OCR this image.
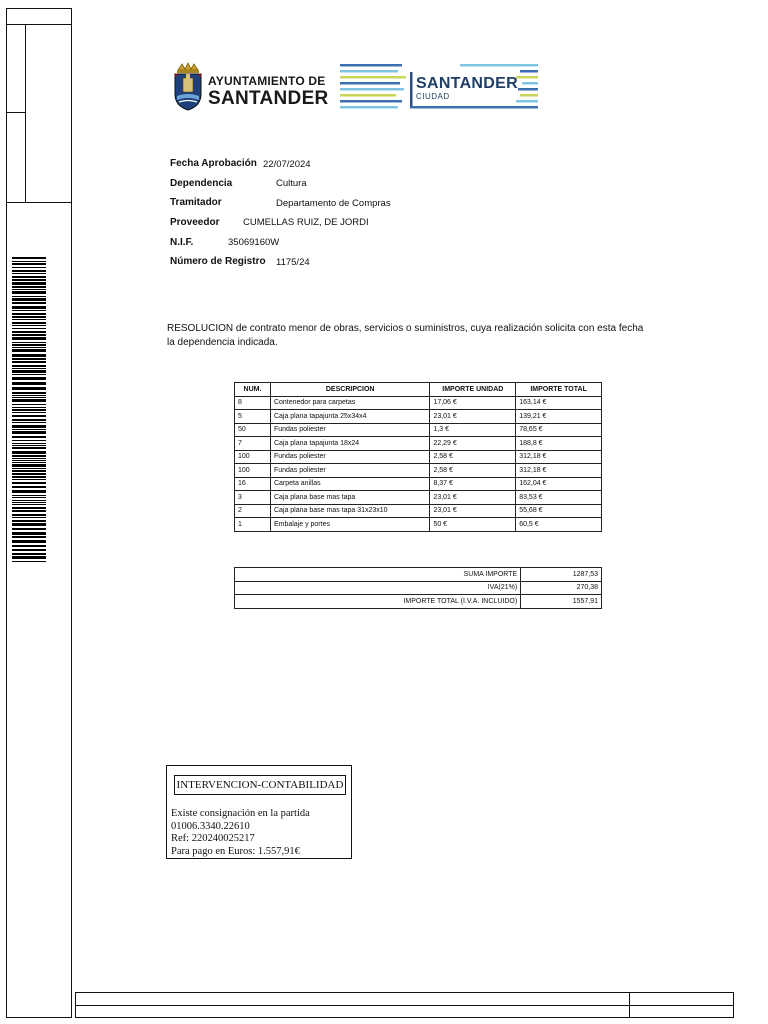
AYUNTAMIENTO DE
SANTANDER
SANTANDER
CIUDAD
Fecha Aprobación 22/07/2024
Dependencia	Cultura
Tramitador	Departamento de Compras
Proveedor CUMELLAS RUIZ, DE JORDI
N.I.F.	35069160W
Número de Registro 1175/24
RESOLUCION de contrato menor de obras, servicios o suministros, cuya realización solicita con esta fecha la dependencia indicada.
NUM.	DESCRIPCION	IMPORTE UNIDAD	IMPORTE TOTAL
8	Contenedor para carpetas	17,06 €	163,14 €
5	Caja plana tapajunta 25x34x4	23,01 €	139,21 €
50	Fundas poliester	1,3 €	78,65 €
7	Caja plana tapajunta 18x24	22,29 €	188,8 €
100	Fundas poliester	2,58 €	312,18 €
100	Fundas poliester	2,58 €	312,18 €
16	Carpeta anillas	8,37 €	162,04 €
3	Caja plana base mas tapa	23,01 €	83,53 €
2	Caja plana base mas tapa 31x23x10	23,01 €	55,68 €
1	Embalaje y portes	50 €	60,5 €
SUMA IMPORTE	1287,53
IVA(21%)	270,38
IMPORTE TOTAL (I.V.A. INCLUIDO)	1557,91
INTERVENCION-CONTABILIDAD
Existe consignación en la partida
01006.3340.22610
Ref: 220240025217
Para pago en Euros: 1.557,91€
